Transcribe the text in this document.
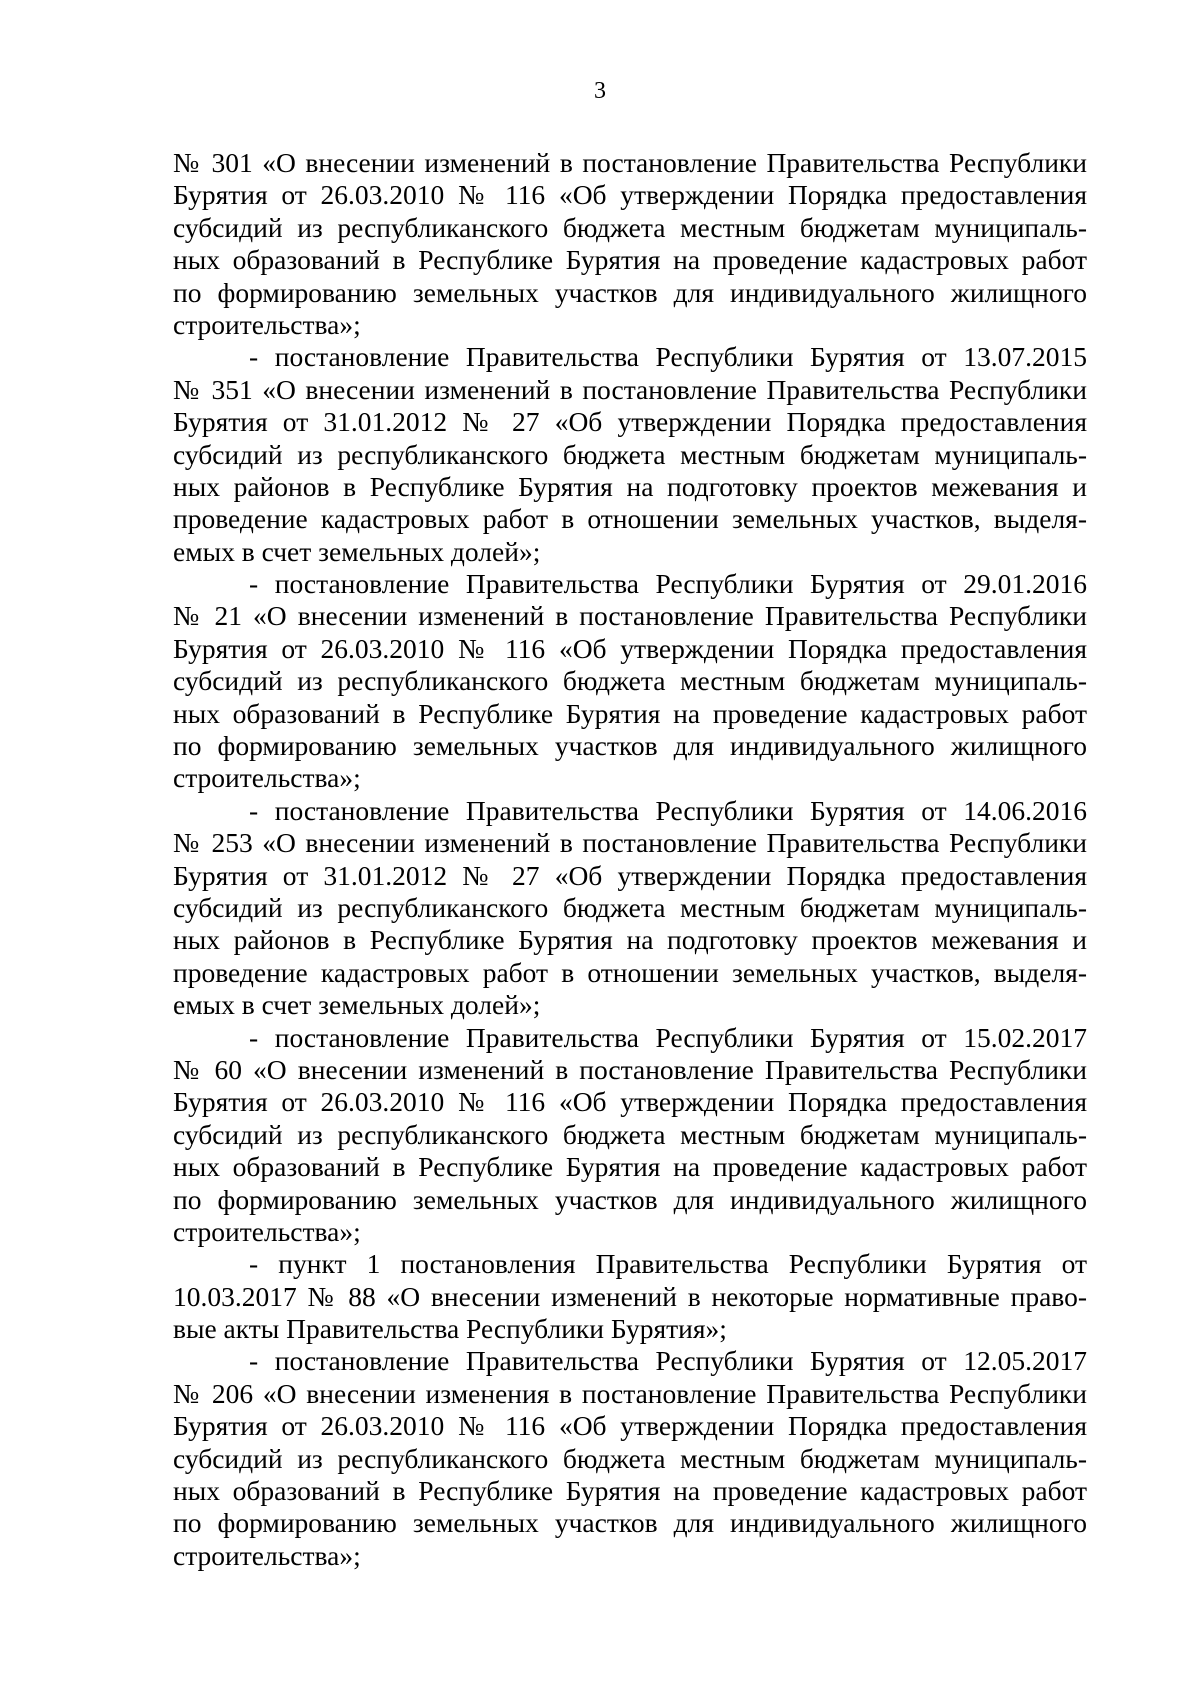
3
№ 301 «О внесении изменений в постановление Правительства Республики
Бурятия от 26.03.2010 № 116 «Об утверждении Порядка предоставления
субсидий из республиканского бюджета местным бюджетам муниципаль-
ных образований в Республике Бурятия на проведение кадастровых работ
по формированию земельных участков для индивидуального жилищного
строительства»;
- постановление Правительства Республики Бурятия от 13.07.2015
№ 351 «О внесении изменений в постановление Правительства Республики
Бурятия от 31.01.2012 № 27 «Об утверждении Порядка предоставления
субсидий из республиканского бюджета местным бюджетам муниципаль-
ных районов в Республике Бурятия на подготовку проектов межевания и
проведение кадастровых работ в отношении земельных участков, выделя-
емых в счет земельных долей»;
- постановление Правительства Республики Бурятия от 29.01.2016
№ 21 «О внесении изменений в постановление Правительства Республики
Бурятия от 26.03.2010 № 116 «Об утверждении Порядка предоставления
субсидий из республиканского бюджета местным бюджетам муниципаль-
ных образований в Республике Бурятия на проведение кадастровых работ
по формированию земельных участков для индивидуального жилищного
строительства»;
- постановление Правительства Республики Бурятия от 14.06.2016
№ 253 «О внесении изменений в постановление Правительства Республики
Бурятия от 31.01.2012 № 27 «Об утверждении Порядка предоставления
субсидий из республиканского бюджета местным бюджетам муниципаль-
ных районов в Республике Бурятия на подготовку проектов межевания и
проведение кадастровых работ в отношении земельных участков, выделя-
емых в счет земельных долей»;
- постановление Правительства Республики Бурятия от 15.02.2017
№ 60 «О внесении изменений в постановление Правительства Республики
Бурятия от 26.03.2010 № 116 «Об утверждении Порядка предоставления
субсидий из республиканского бюджета местным бюджетам муниципаль-
ных образований в Республике Бурятия на проведение кадастровых работ
по формированию земельных участков для индивидуального жилищного
строительства»;
- пункт 1 постановления Правительства Республики Бурятия от
10.03.2017 № 88 «О внесении изменений в некоторые нормативные право-
вые акты Правительства Республики Бурятия»;
- постановление Правительства Республики Бурятия от 12.05.2017
№ 206 «О внесении изменения в постановление Правительства Республики
Бурятия от 26.03.2010 № 116 «Об утверждении Порядка предоставления
субсидий из республиканского бюджета местным бюджетам муниципаль-
ных образований в Республике Бурятия на проведение кадастровых работ
по формированию земельных участков для индивидуального жилищного
строительства»;
